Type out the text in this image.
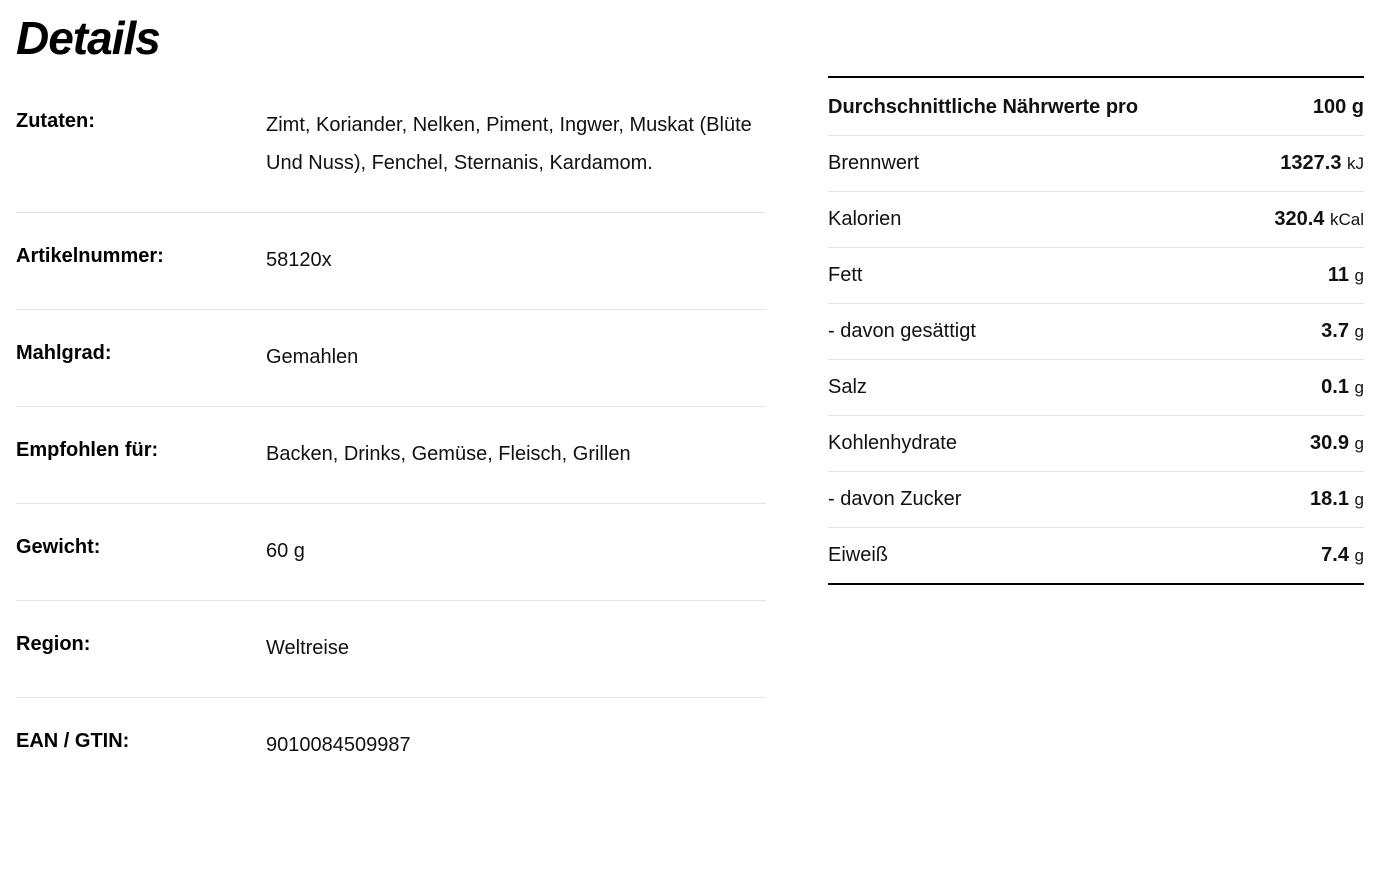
Details
Zutaten:	Zimt, Koriander, Nelken, Piment, Ingwer, Muskat (Blüte Und Nuss), Fenchel, Sternanis, Kardamom.
Artikelnummer:	58120x
Mahlgrad:	Gemahlen
Empfohlen für:	Backen, Drinks, Gemüse, Fleisch, Grillen
Gewicht:	60 g
Region:	Weltreise
EAN / GTIN:	9010084509987
Durchschnittliche Nährwerte pro	100 g
Brennwert	1327.3 kJ
Kalorien	320.4 kCal
Fett	11 g
- davon gesättigt	3.7 g
Salz	0.1 g
Kohlenhydrate	30.9 g
- davon Zucker	18.1 g
Eiweiß	7.4 g
